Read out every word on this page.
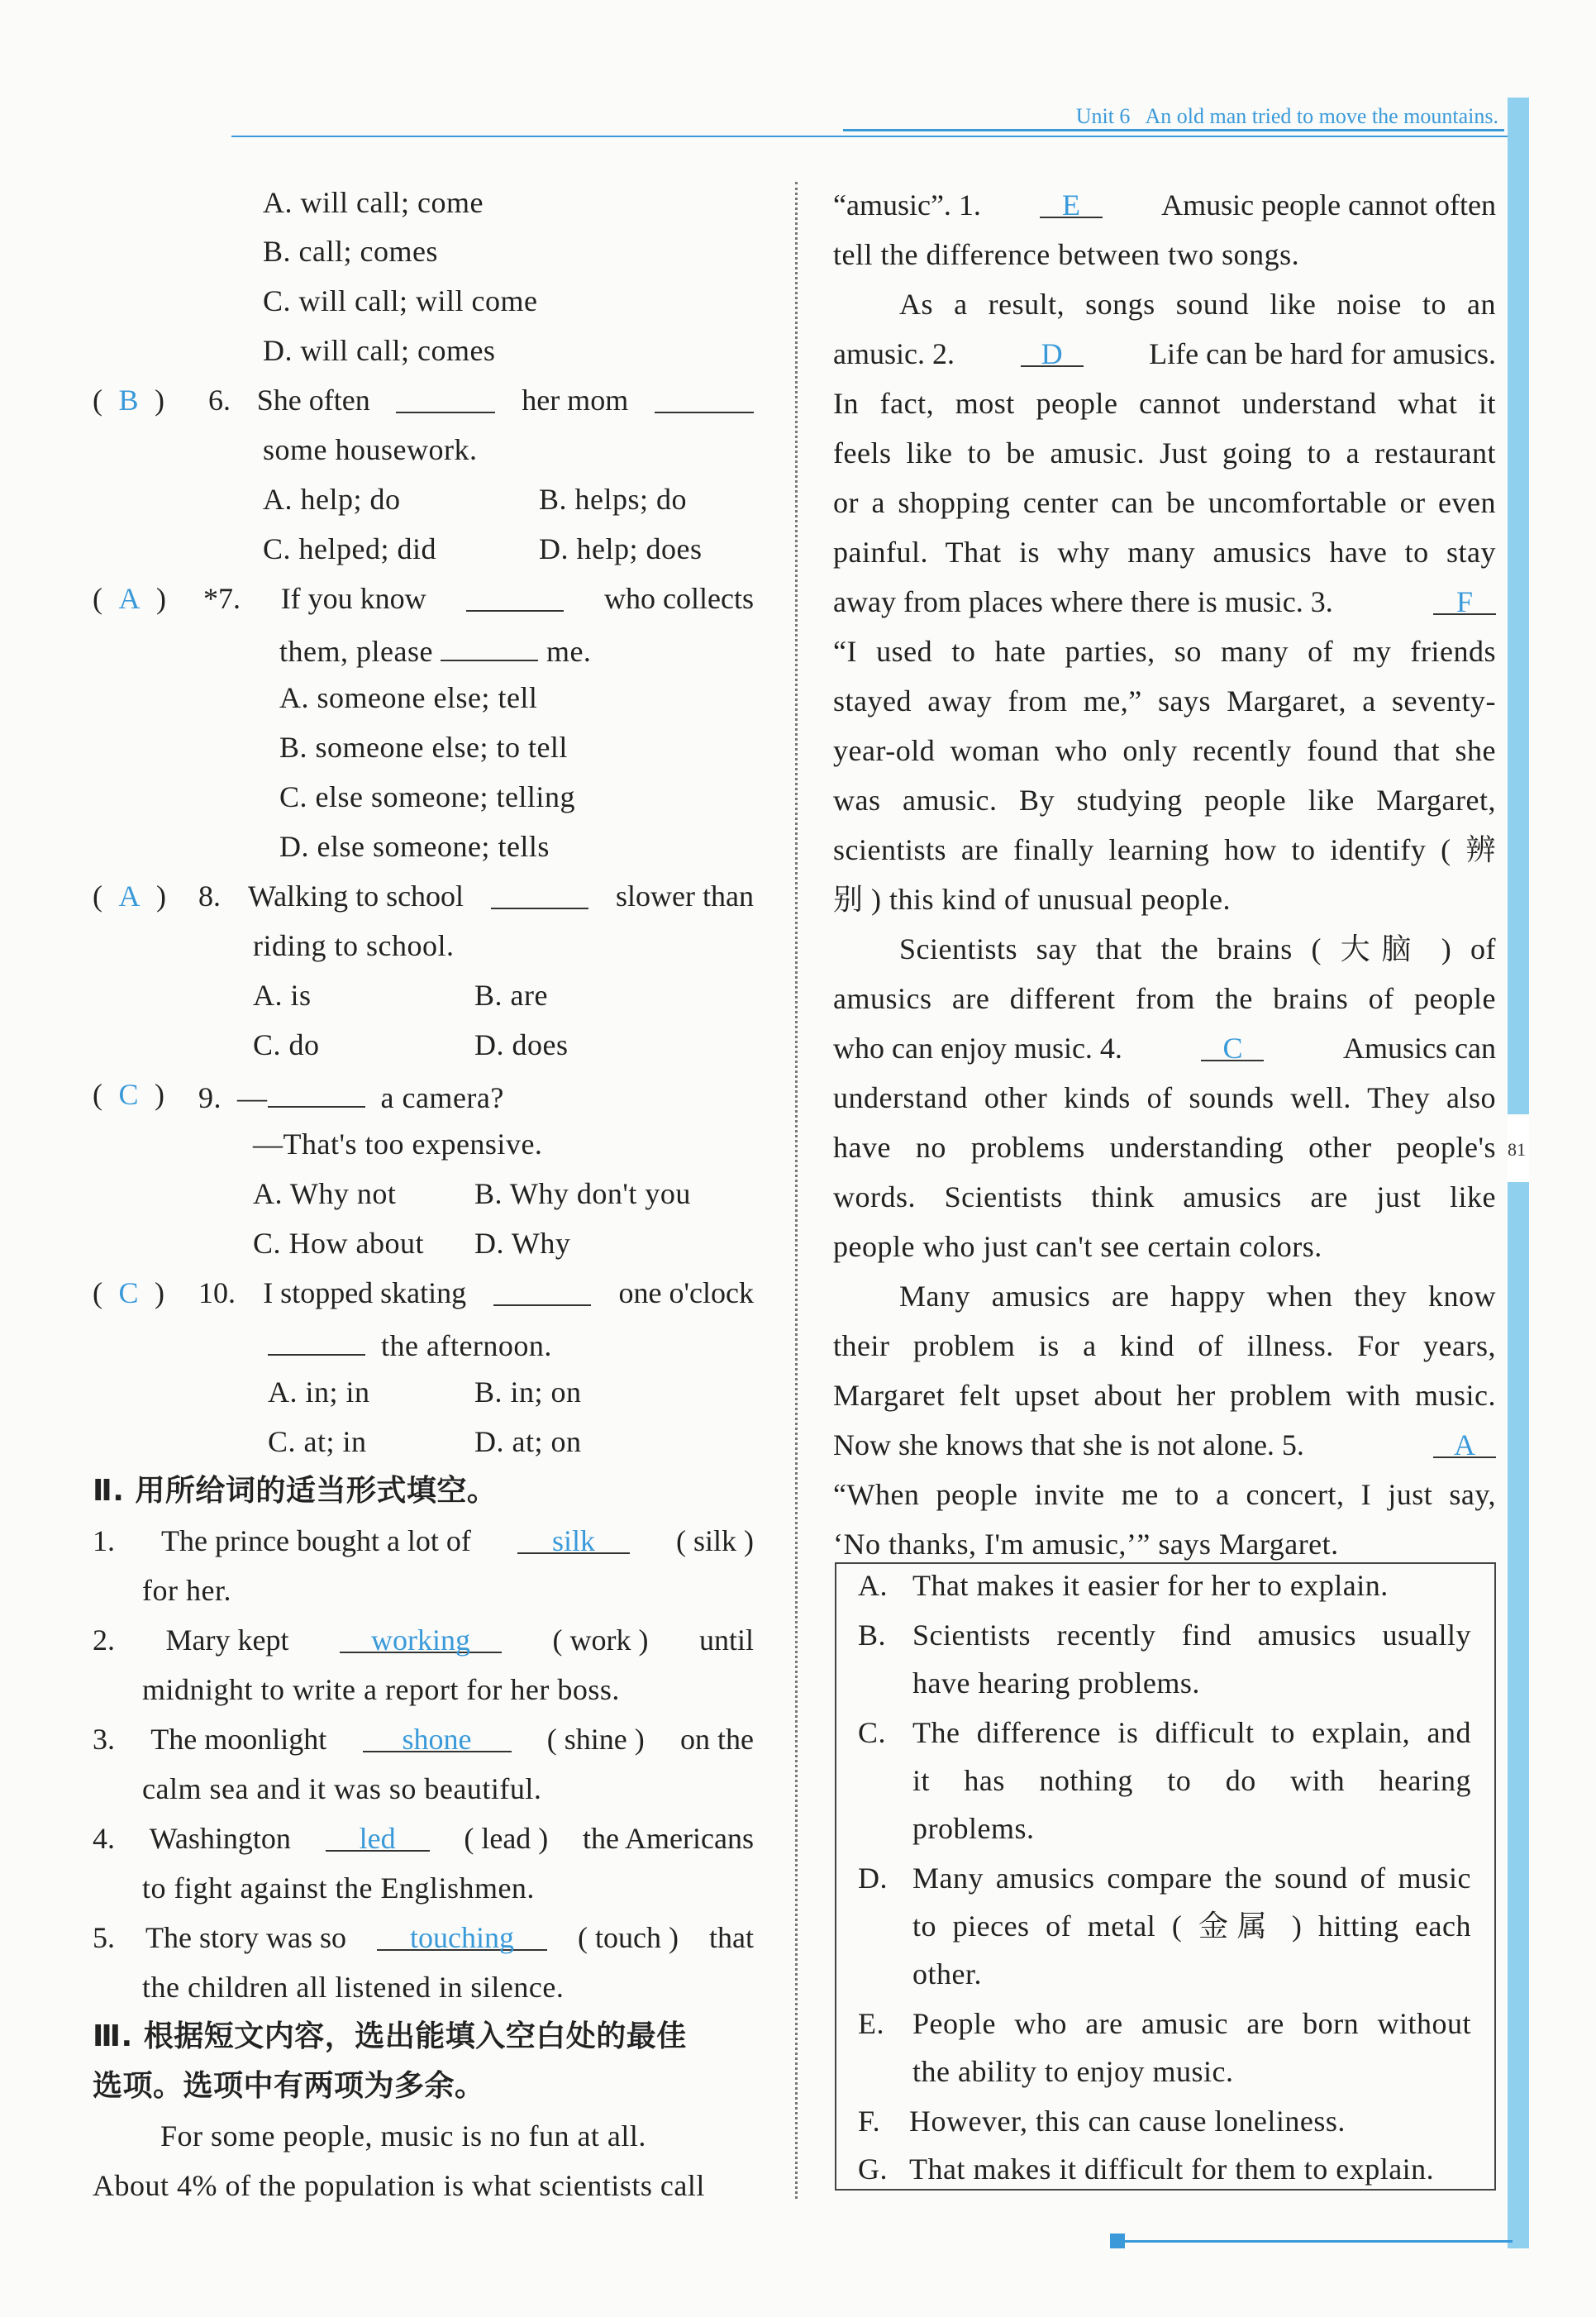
Unit 6 An old man tried to move the mountains.
81
A. will call; come
B. call; comes
C. will call; will come
D. will call; comes
(  B  ) 6. She often	her mom
some housework.
A. help; do	B. helps; do
C. helped; did	D. help; does
(  A  ) *7. If you know	who collects
them, please	me.
A. someone else; tell
B. someone else; to tell
C. else someone; telling
D. else someone; tells
(  A  ) 8. Walking to school	slower than
riding to school.
A. is	B. are
C. do	D. does
(  C  ) 9. —	a camera?
—That's too expensive.
A. Why not	B. Why don't you
C. How about D. Why
(  C  ) 10. I stopped skating	one o'clock
the afternoon.
A. in; in	B. in; on
C. at; in	D. at; on
Ⅱ. 用所给词的适当形式填空。
1. The prince bought a lot of	silk	( silk )
for her.
2. Mary kept	working	( work ) until
midnight to write a report for her boss.
3. The moonlight	shone	( shine ) on the
calm sea and it was so beautiful.
4. Washington	led	( lead ) the Americans
to fight against the Englishmen.
5. The story was so	touching	( touch ) that
the children all listened in silence.
Ⅲ. 根据短文内容，选出能填入空白处的最佳
选项。选项中有两项为多余。
For some people, music is no fun at all.
About 4% of the population is what scientists call
“amusic”. 1.	E	Amusic people cannot often
tell the difference between two songs.
As a result, songs sound like noise to an
amusic. 2.	D	Life can be hard for amusics.
In fact, most people cannot understand what it
feels like to be amusic. Just going to a restaurant
or a shopping center can be uncomfortable or even
painful. That is why many amusics have to stay
away from places where there is music. 3.	F
“I used to hate parties, so many of my friends
stayed away from me,” says Margaret, a seventy-
year-old woman who only recently found that she
was amusic. By studying people like Margaret,
scientists are finally learning how to identify ( 辨
别 ) this kind of unusual people.
Scientists say that the brains ( 大脑 ) of
amusics are different from the brains of people
who can enjoy music. 4.	C	Amusics can
understand other kinds of sounds well. They also
have no problems understanding other people's
words. Scientists think amusics are just like
people who just can't see certain colors.
Many amusics are happy when they know
their problem is a kind of illness. For years,
Margaret felt upset about her problem with music.
Now she knows that she is not alone. 5.	A
“When people invite me to a concert, I just say,
‘No thanks, I'm amusic,’” says Margaret.
A. That makes it easier for her to explain.
B. Scientists recently find amusics usually
have hearing problems.
C. The difference is difficult to explain, and
it has nothing to do with hearing
problems.
D. Many amusics compare the sound of music
to pieces of metal ( 金属 ) hitting each
other.
E. People who are amusic are born without
the ability to enjoy music.
F. However, this can cause loneliness.
G. That makes it difficult for them to explain.
